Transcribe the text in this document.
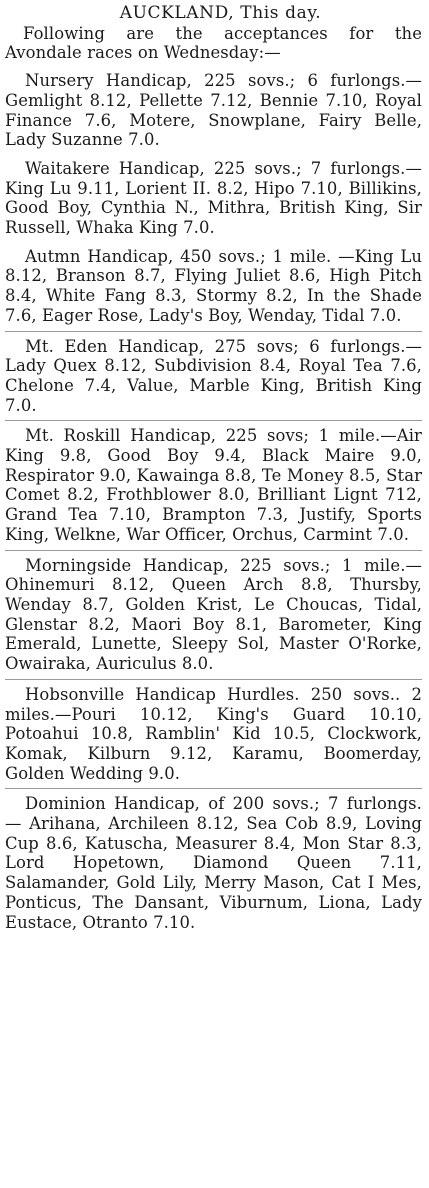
AUCKLAND, This day.

Following are the acceptances for the Avondale races on Wednesday:—

Nursery Handicap, 225 sovs.; 6 furlongs.—Gemlight 8.12, Pellette 7.12, Bennie 7.10, Royal Finance 7.6, Motere, Snowplane, Fairy Belle, Lady Suzanne 7.0.

Waitakere Handicap, 225 sovs.; 7 furlongs.—King Lu 9.11, Lorient II. 8.2, Hipo 7.10, Billikins, Good Boy, Cynthia N., Mithra, British King, Sir Russell, Whaka King 7.0.

Autmn Handicap, 450 sovs.; 1 mile. —King Lu 8.12, Branson 8.7, Flying Juliet 8.6, High Pitch 8.4, White Fang 8.3, Stormy 8.2, In the Shade 7.6, Eager Rose, Lady's Boy, Wenday, Tidal 7.0.

Mt. Eden Handicap, 275 sovs; 6 furlongs.—Lady Quex 8.12, Subdivision 8.4, Royal Tea 7.6, Chelone 7.4, Value, Marble King, British King 7.0.

Mt. Roskill Handicap, 225 sovs; 1 mile.—Air King 9.8, Good Boy 9.4, Black Maire 9.0, Respirator 9.0, Kawainga 8.8, Te Money 8.5, Star Comet 8.2, Frothblower 8.0, Brilliant Lignt 712, Grand Tea 7.10, Brampton 7.3, Justify, Sports King, Welkne, War Officer, Orchus, Carmint 7.0.

Morningside Handicap, 225 sovs.; 1 mile.—Ohinemuri 8.12, Queen Arch 8.8, Thursby, Wenday 8.7, Golden Krist, Le Choucas, Tidal, Glenstar 8.2, Maori Boy 8.1, Barometer, King Emerald, Lunette, Sleepy Sol, Master O'Rorke, Owairaka, Auriculus 8.0.

Hobsonville Handicap Hurdles. 250 sovs.. 2 miles.—Pouri 10.12, King's Guard 10.10, Potoahui 10.8, Ramblin' Kid 10.5, Clockwork, Komak, Kilburn 9.12, Karamu, Boomerday, Golden Wedding 9.0.

Dominion Handicap, of 200 sovs.; 7 furlongs. — Arihana, Archileen 8.12, Sea Cob 8.9, Loving Cup 8.6, Katuscha, Measurer 8.4, Mon Star 8.3, Lord Hopetown, Diamond Queen 7.11, Salamander, Gold Lily, Merry Mason, Cat I Mes, Ponticus, The Dansant, Viburnum, Liona, Lady Eustace, Otranto 7.10.
